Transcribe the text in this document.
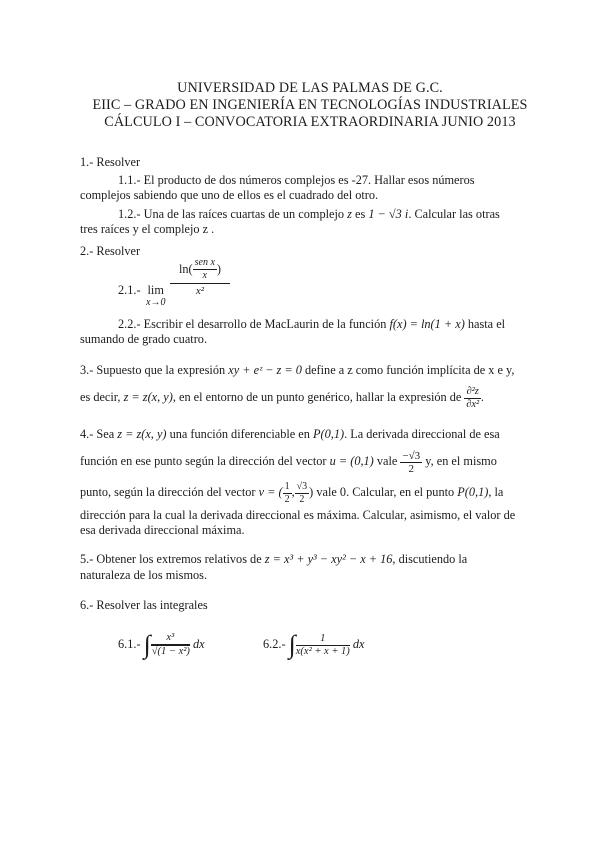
UNIVERSIDAD DE LAS PALMAS DE G.C.
EIIC – GRADO EN INGENIERÍA EN TECNOLOGÍAS INDUSTRIALES
CÁLCULO I – CONVOCATORIA EXTRAORDINARIA JUNIO 2013
1.- Resolver
1.1.- El producto de dos números complejos es -27. Hallar esos números
complejos sabiendo que uno de ellos es el cuadrado del otro.
1.2.- Una de las raíces cuartas de un complejo z es 1 − √3 i. Calcular las otras
tres raíces y el complejo z .
2.- Resolver
2.1.- lim
x→0
$\ln( \frac{\text{sen x}}{x}$ )
x²
2.2.- Escribir el desarrollo de MacLaurin de la función f(x) = ln(1 + x) hasta el
sumando de grado cuatro.
3.- Supuesto que la expresión xy + eᶻ − z = 0 define a z como función implícita de x e y,
es decir, z = z(x, y), en el entorno de un punto genérico, hallar la expresión de $\frac{\text{∂²z}}{\text{∂x²}}$ .
4.- Sea z = z(x, y) una función diferenciable en P(0,1). La derivada direccional de esa
función en ese punto según la dirección del vector u = (0,1) vale $\frac{-√3}{2} y$, en el mismo
punto, según la dirección del vector v = ( $\frac{1}{2}$ , $\frac{√3}{2}$ ) vale 0. Calcular, en el punto P(0,1), la
dirección para la cual la derivada direccional es máxima. Calcular, asimismo, el valor de
esa derivada direccional máxima.
5.- Obtener los extremos relativos de z = x³ + y³ − xy² − x + 16, discutiendo la
naturaleza de los mismos.
6.- Resolver las integrales
6.1.- ∫ $\frac{\text{x³}}{\text{√(1 − x²)}}$ dx	6.2.- ∫ $\frac{1}{\text{x(x² + x + 1)}}$ dx
